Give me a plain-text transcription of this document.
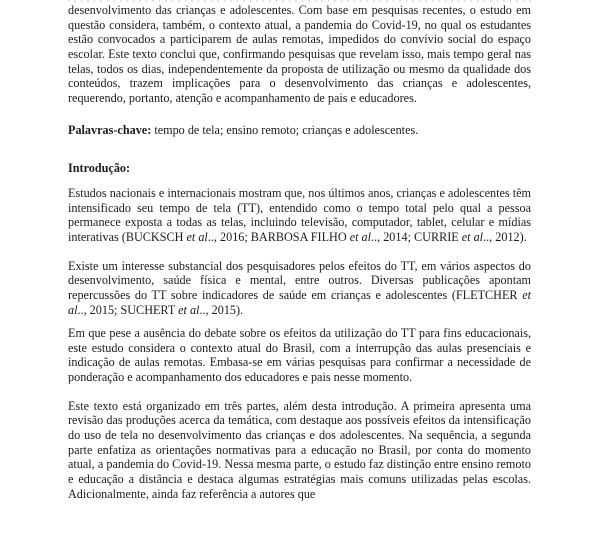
desenvolvimento das crianças e adolescentes. Com base em pesquisas recentes, o estudo em questão considera, também, o contexto atual, a pandemia do Covid-19, no qual os estudantes estão convocados a participarem de aulas remotas, impedidos do convívio social do espaço escolar. Este texto conclui que, confirmando pesquisas que revelam isso, mais tempo geral nas telas, todos os dias, independentemente da proposta de utilização ou mesmo da qualidade dos conteúdos, trazem implicações para o desenvolvimento das crianças e adolescentes, requerendo, portanto, atenção e acompanhamento de pais e educadores.

Palavras-chave: tempo de tela; ensino remoto; crianças e adolescentes.

Introdução:

Estudos nacionais e internacionais mostram que, nos últimos anos, crianças e adolescentes têm intensificado seu tempo de tela (TT), entendido como o tempo total pelo qual a pessoa permanece exposta a todas as telas, incluindo televisão, computador, tablet, celular e mídias interativas (BUCKSCH et al.., 2016; BARBOSA FILHO et al.., 2014; CURRIE et al.., 2012).

Existe um interesse substancial dos pesquisadores pelos efeitos do TT, em vários aspectos do desenvolvimento, saúde física e mental, entre outros. Diversas publicações apontam repercussões do TT sobre indicadores de saúde em crianças e adolescentes (FLETCHER et al.., 2015; SUCHERT et al.., 2015).

Em que pese a ausência do debate sobre os efeitos da utilização do TT para fins educacionais, este estudo considera o contexto atual do Brasil, com a interrupção das aulas presenciais e indicação de aulas remotas. Embasa-se em várias pesquisas para confirmar a necessidade de ponderação e acompanhamento dos educadores e pais nesse momento.

Este texto está organizado em três partes, além desta introdução. A primeira apresenta uma revisão das produções acerca da temática, com destaque aos possíveis efeitos da intensificação do uso de tela no desenvolvimento das crianças e dos adolescentes. Na sequência, a segunda parte enfatiza as orientações normativas para a educação no Brasil, por conta do momento atual, a pandemia do Covid-19. Nessa mesma parte, o estudo faz distinção entre ensino remoto e educação a distância e destaca algumas estratégias mais comuns utilizadas pelas escolas. Adicionalmente, ainda faz referência a autores que
